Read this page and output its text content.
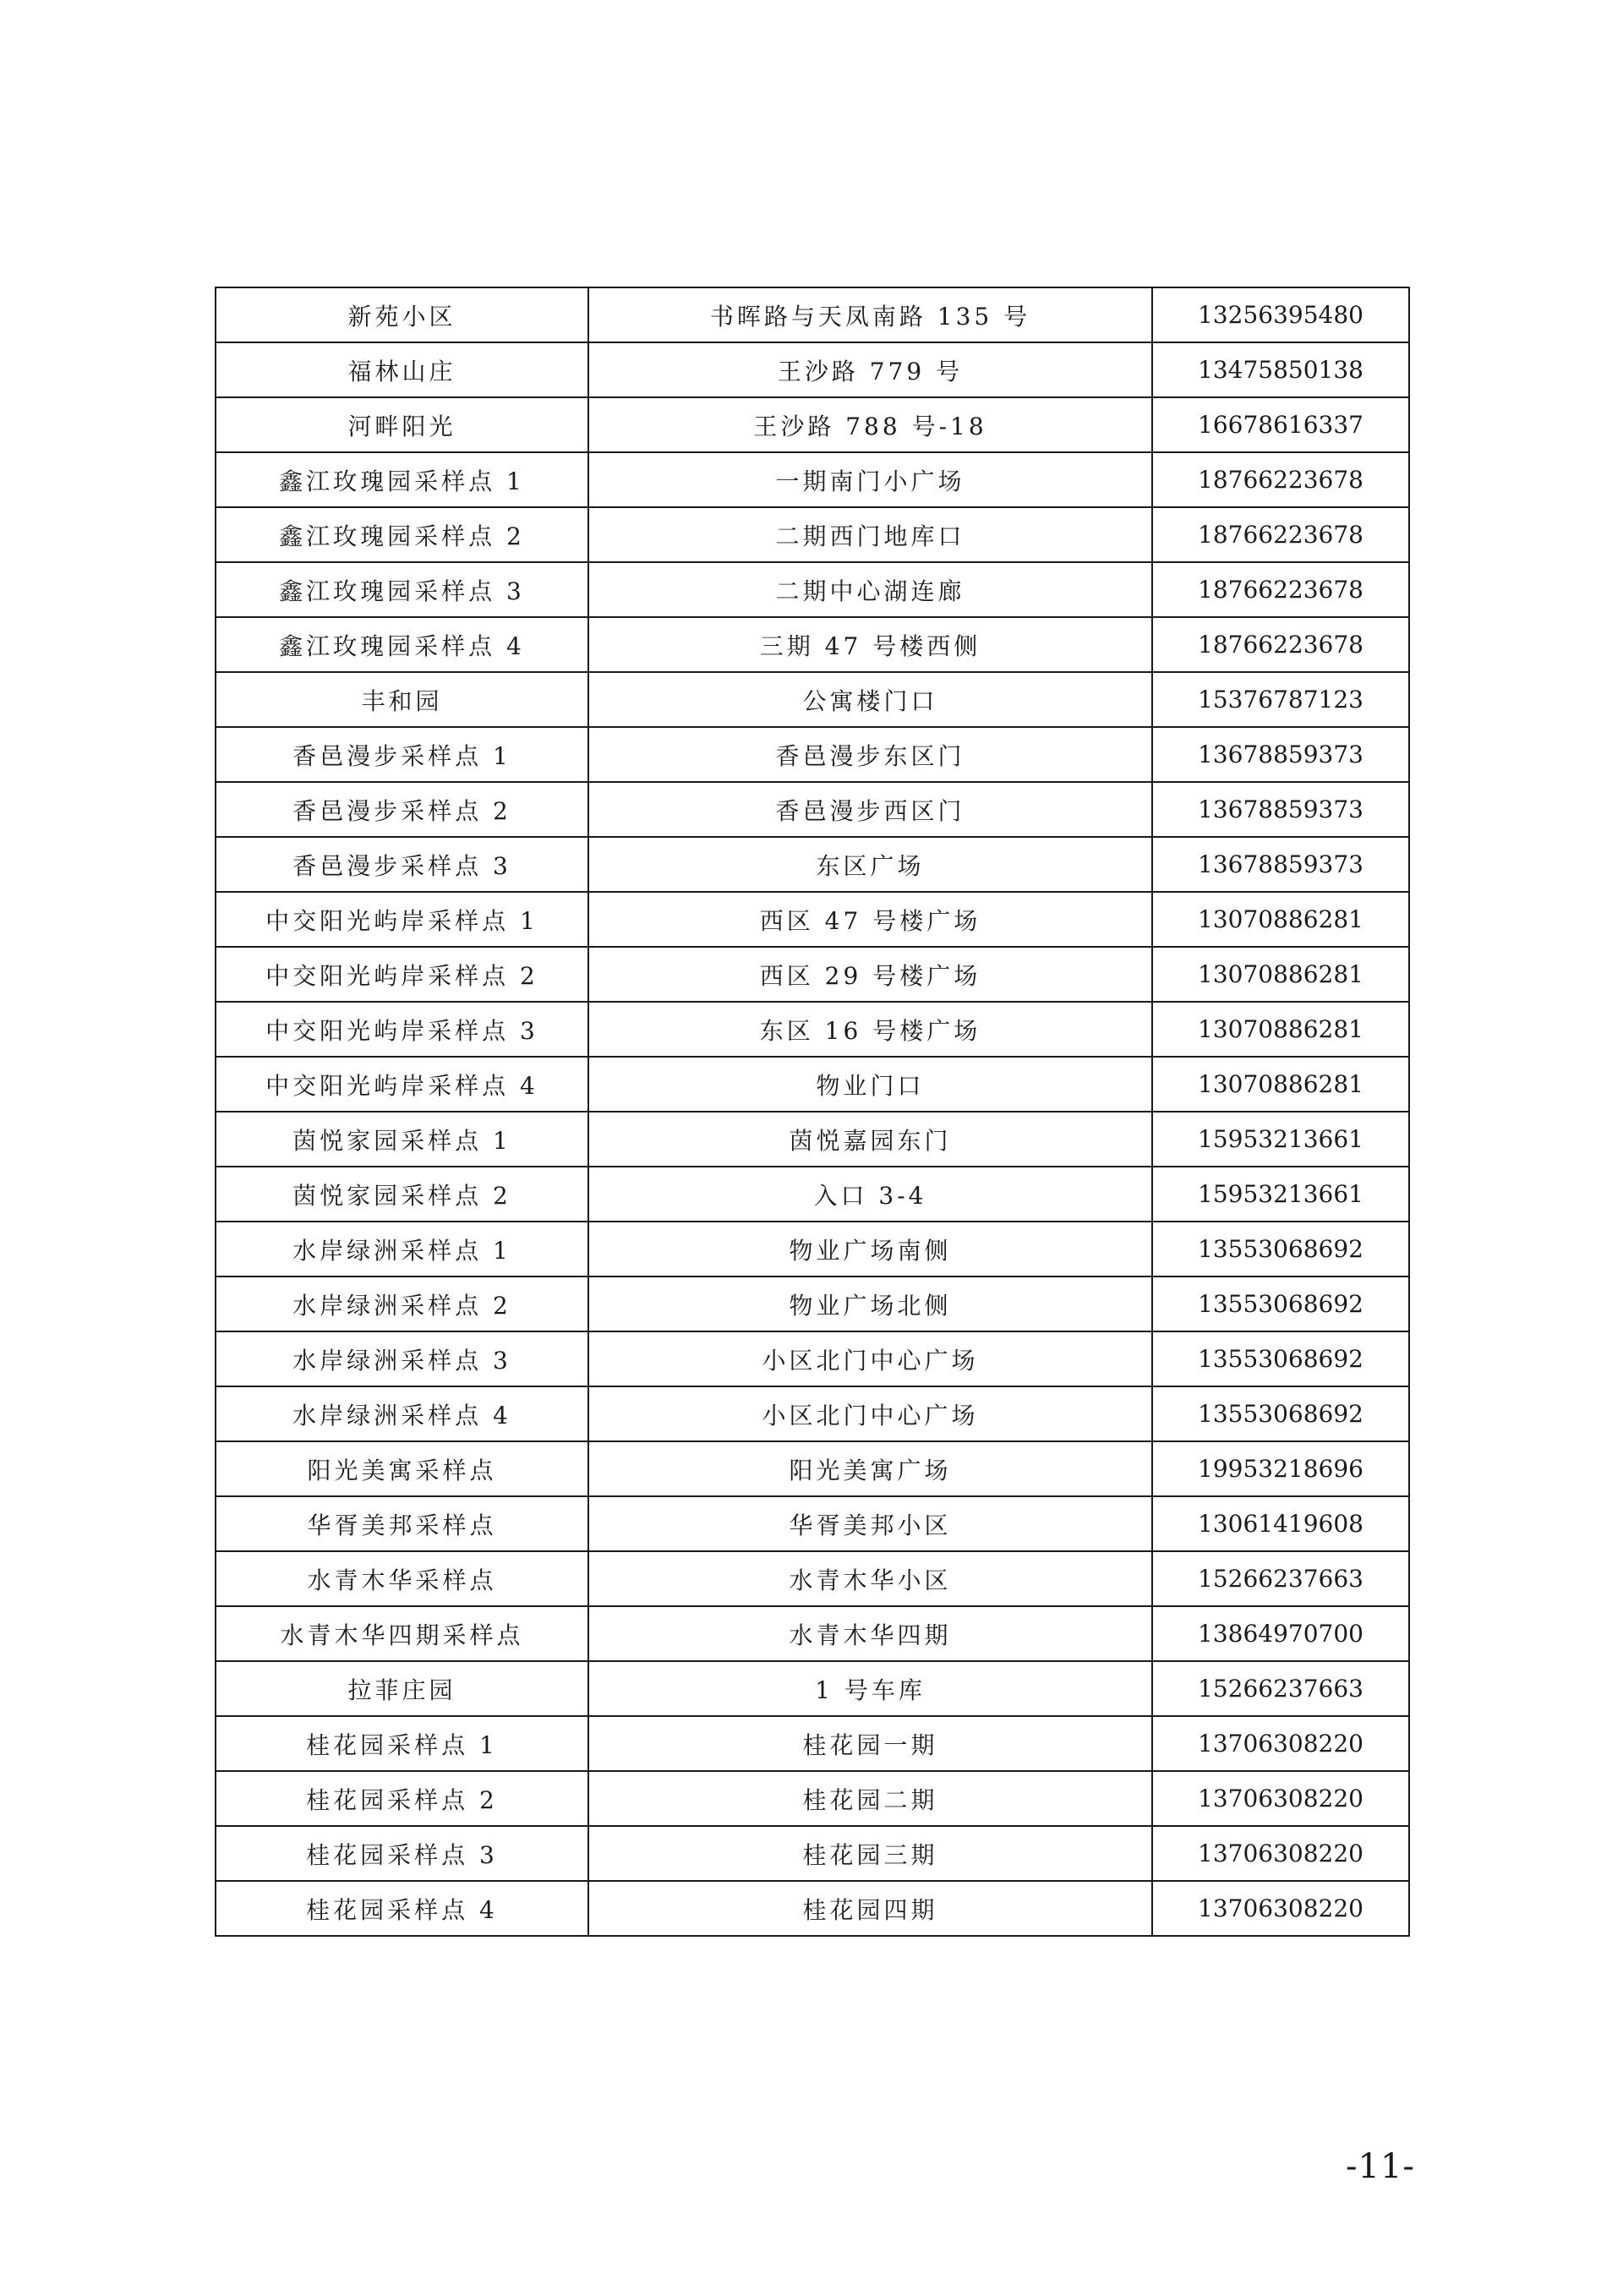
新苑小区	书晖路与天凤南路 135 号	13256395480
福林山庄	王沙路 779 号	13475850138
河畔阳光	王沙路 788 号-18	16678616337
鑫江玫瑰园采样点 1	一期南门小广场	18766223678
鑫江玫瑰园采样点 2	二期西门地库口	18766223678
鑫江玫瑰园采样点 3	二期中心湖连廊	18766223678
鑫江玫瑰园采样点 4	三期 47 号楼西侧	18766223678
丰和园	公寓楼门口	15376787123
香邑漫步采样点 1	香邑漫步东区门	13678859373
香邑漫步采样点 2	香邑漫步西区门	13678859373
香邑漫步采样点 3	东区广场	13678859373
中交阳光屿岸采样点 1	西区 47 号楼广场	13070886281
中交阳光屿岸采样点 2	西区 29 号楼广场	13070886281
中交阳光屿岸采样点 3	东区 16 号楼广场	13070886281
中交阳光屿岸采样点 4	物业门口	13070886281
茵悦家园采样点 1	茵悦嘉园东门	15953213661
茵悦家园采样点 2	入口 3-4	15953213661
水岸绿洲采样点 1	物业广场南侧	13553068692
水岸绿洲采样点 2	物业广场北侧	13553068692
水岸绿洲采样点 3	小区北门中心广场	13553068692
水岸绿洲采样点 4	小区北门中心广场	13553068692
阳光美寓采样点	阳光美寓广场	19953218696
华胥美邦采样点	华胥美邦小区	13061419608
水青木华采样点	水青木华小区	15266237663
水青木华四期采样点	水青木华四期	13864970700
拉菲庄园	1 号车库	15266237663
桂花园采样点 1	桂花园一期	13706308220
桂花园采样点 2	桂花园二期	13706308220
桂花园采样点 3	桂花园三期	13706308220
桂花园采样点 4	桂花园四期	13706308220
-11-
